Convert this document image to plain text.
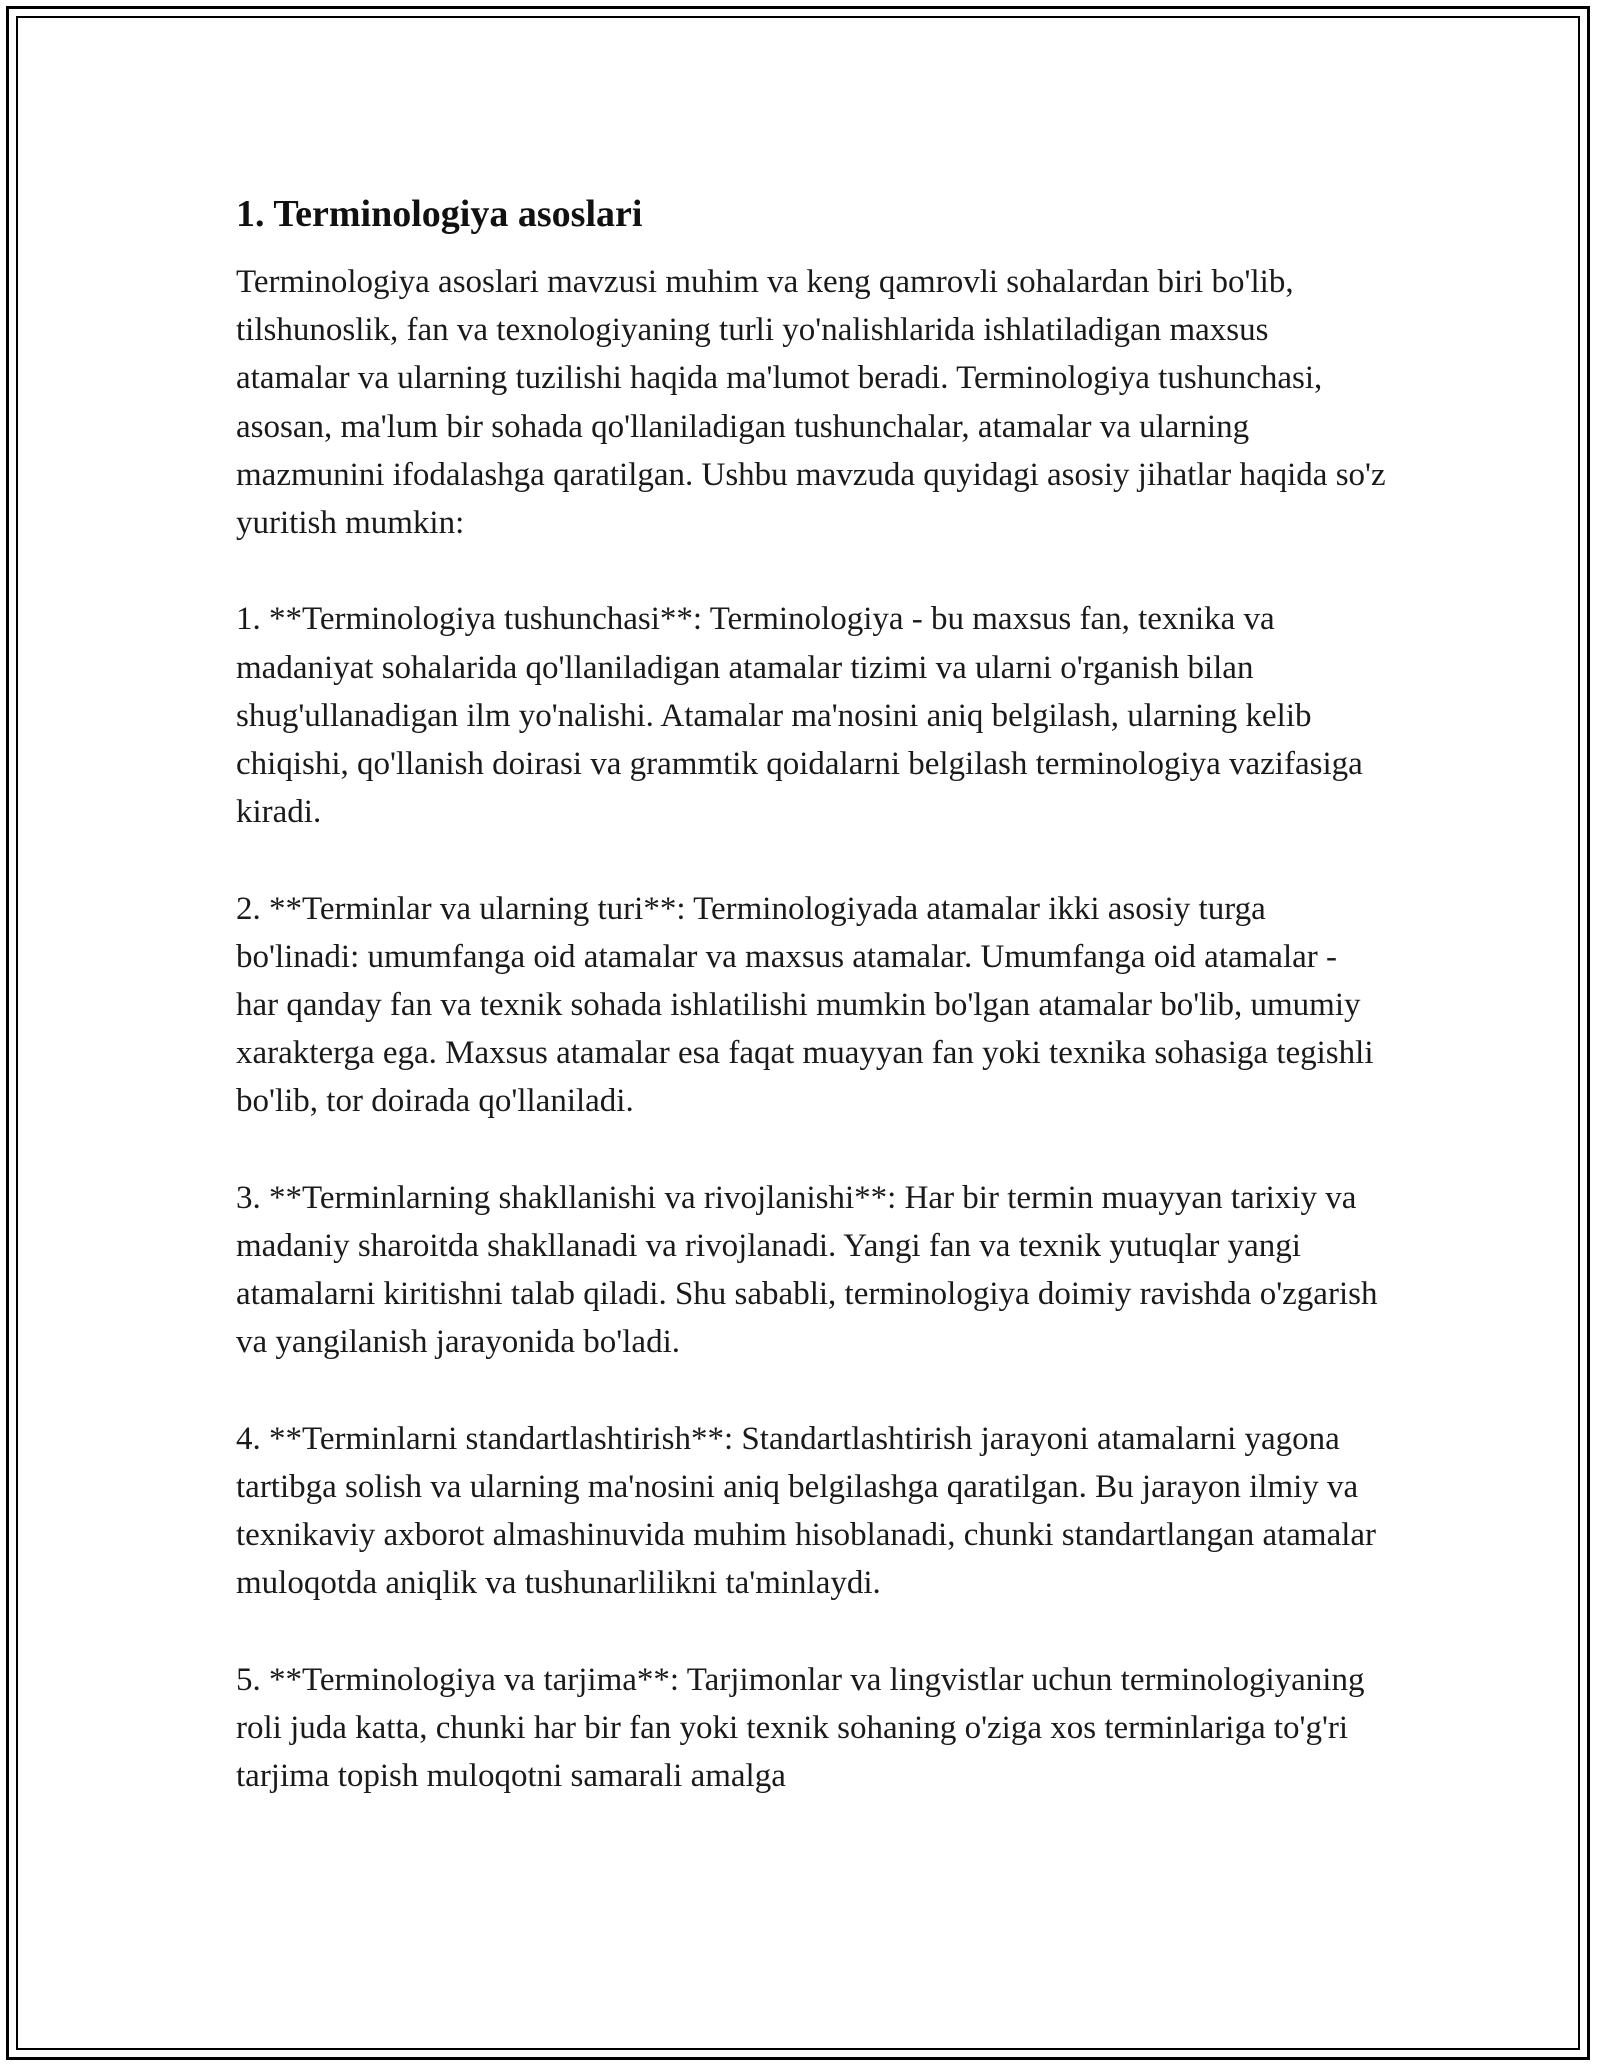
1. Terminologiya asoslari

Terminologiya asoslari mavzusi muhim va keng qamrovli sohalardan biri bo'lib, tilshunoslik, fan va texnologiyaning turli yo'nalishlarida ishlatiladigan maxsus atamalar va ularning tuzilishi haqida ma'lumot beradi. Terminologiya tushunchasi, asosan, ma'lum bir sohada qo'llaniladigan tushunchalar, atamalar va ularning mazmunini ifodalashga qaratilgan. Ushbu mavzuda quyidagi asosiy jihatlar haqida so'z yuritish mumkin:

1. **Terminologiya tushunchasi**: Terminologiya - bu maxsus fan, texnika va madaniyat sohalarida qo'llaniladigan atamalar tizimi va ularni o'rganish bilan shug'ullanadigan ilm yo'nalishi. Atamalar ma'nosini aniq belgilash, ularning kelib chiqishi, qo'llanish doirasi va grammtik qoidalarni belgilash terminologiya vazifasiga kiradi.

2. **Terminlar va ularning turi**: Terminologiyada atamalar ikki asosiy turga bo'linadi: umumfanga oid atamalar va maxsus atamalar. Umumfanga oid atamalar - har qanday fan va texnik sohada ishlatilishi mumkin bo'lgan atamalar bo'lib, umumiy xarakterga ega. Maxsus atamalar esa faqat muayyan fan yoki texnika sohasiga tegishli bo'lib, tor doirada qo'llaniladi.

3. **Terminlarning shakllanishi va rivojlanishi**: Har bir termin muayyan tarixiy va madaniy sharoitda shakllanadi va rivojlanadi. Yangi fan va texnik yutuqlar yangi atamalarni kiritishni talab qiladi. Shu sababli, terminologiya doimiy ravishda o'zgarish va yangilanish jarayonida bo'ladi.

4. **Terminlarni standartlashtirish**: Standartlashtirish jarayoni atamalarni yagona tartibga solish va ularning ma'nosini aniq belgilashga qaratilgan. Bu jarayon ilmiy va texnikaviy axborot almashinuvida muhim hisoblanadi, chunki standartlangan atamalar muloqotda aniqlik va tushunarlilikni ta'minlaydi.

5. **Terminologiya va tarjima**: Tarjimonlar va lingvistlar uchun terminologiyaning roli juda katta, chunki har bir fan yoki texnik sohaning o'ziga xos terminlariga to'g'ri tarjima topish muloqotni samarali amalga
